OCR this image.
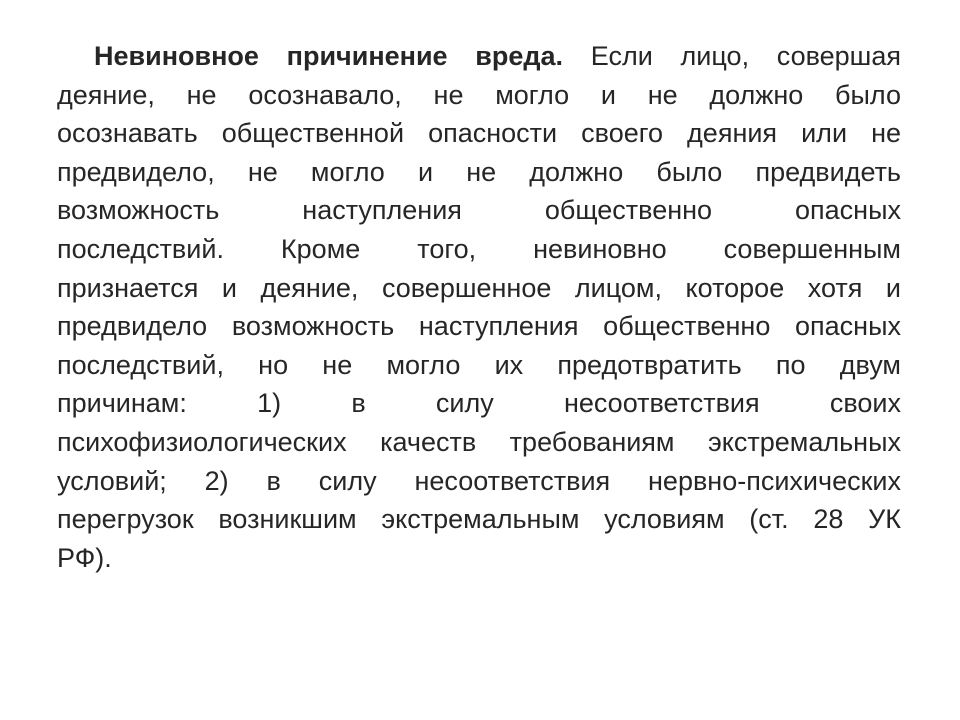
Невиновное причинение вреда. Если лицо, совершая
деяние, не осознавало, не могло и не должно было
осознавать общественной опасности своего деяния или не
предвидело, не могло и не должно было предвидеть
возможность наступления общественно опасных
последствий. Кроме того, невиновно совершенным
признается и деяние, совершенное лицом, которое хотя и
предвидело возможность наступления общественно опасных
последствий, но не могло их предотвратить по двум
причинам: 1) в силу несоответствия своих
психофизиологических качеств требованиям экстремальных
условий; 2) в силу несоответствия нервно-психических
перегрузок возникшим экстремальным условиям (ст. 28 УК
РФ).
